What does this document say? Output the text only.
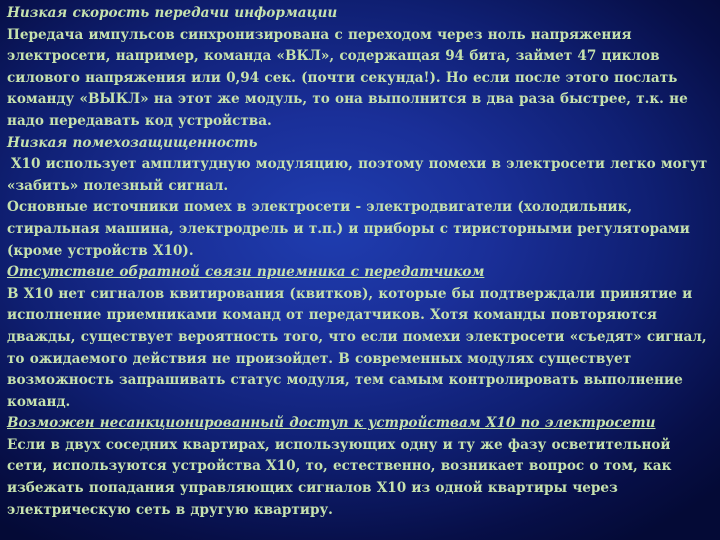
Низкая скорость передачи информации

Передача импульсов синхронизирована с переходом через ноль напряжения электросети, например, команда «ВКЛ», содержащая 94 бита, займет 47 циклов силового напряжения или 0,94 сек. (почти секунда!). Но если после этого послать команду «ВЫКЛ» на этот же модуль, то она выполнится в два раза быстрее, т.к. не надо передавать код устройства.

Низкая помехозащищенность

X10 использует амплитудную модуляцию, поэтому помехи в электросети легко могут «забить» полезный сигнал.

Основные источники помех в электросети - электродвигатели (холодильник, стиральная машина, электродрель и т.п.) и приборы с тиристорными регуляторами (кроме устройств X10).

Отсутствие обратной связи приемника с передатчиком

В X10 нет сигналов квитирования (квитков), которые бы подтверждали принятие и исполнение приемниками команд от передатчиков. Хотя команды повторяются дважды, существует вероятность того, что если помехи электросети «съедят» сигнал, то ожидаемого действия не произойдет. В современных модулях существует возможность запрашивать статус модуля, тем самым контролировать выполнение команд.

Возможен несанкционированный доступ к устройствам X10 по электросети

Если в двух соседних квартирах, использующих одну и ту же фазу осветительной сети, используются устройства X10, то, естественно, возникает вопрос о том, как избежать попадания управляющих сигналов X10 из одной квартиры через электрическую сеть в другую квартиру.
